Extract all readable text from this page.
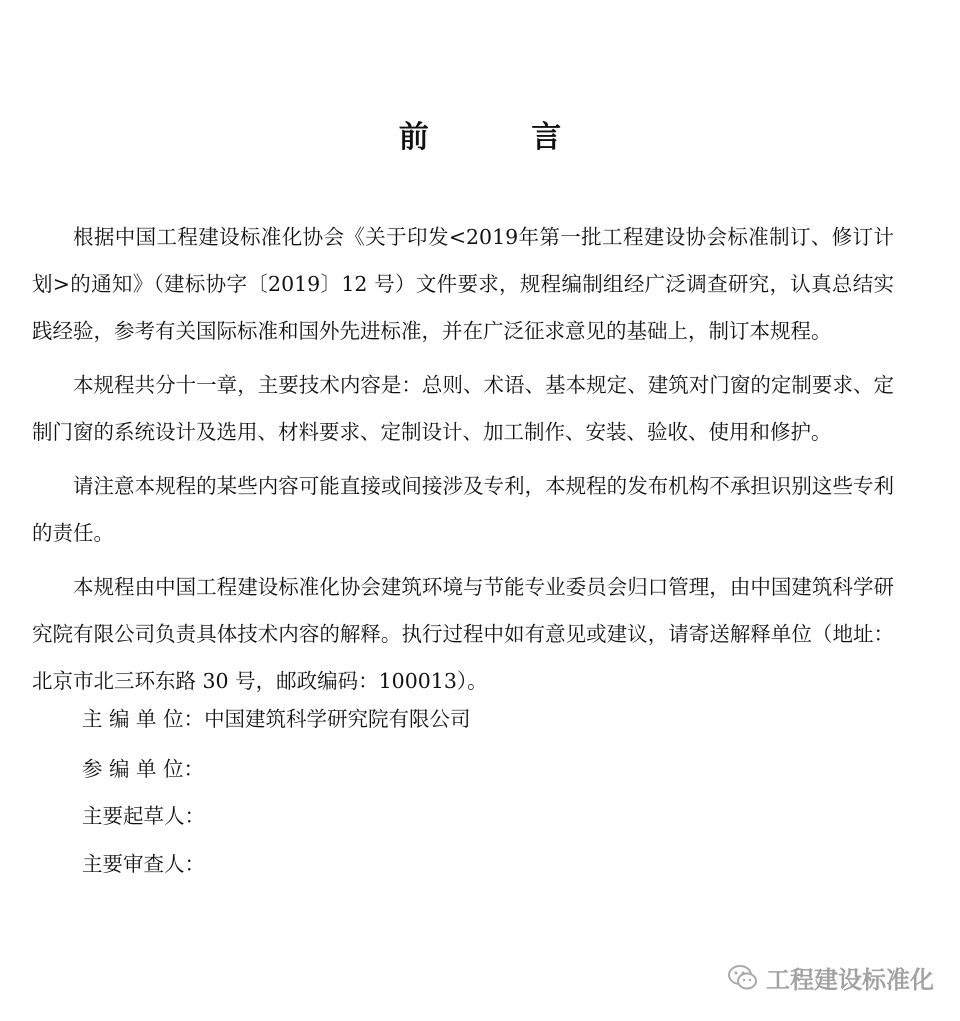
前 言

根据中国工程建设标准化协会《关于印发<2019年第一批工程建设协会标准制订、修订计划>的通知》（建标协字〔2019〕12 号）文件要求，规程编制组经广泛调查研究，认真总结实践经验，参考有关国际标准和国外先进标准，并在广泛征求意见的基础上，制订本规程。

本规程共分十一章，主要技术内容是：总则、术语、基本规定、建筑对门窗的定制要求、定制门窗的系统设计及选用、材料要求、定制设计、加工制作、安装、验收、使用和修护。

请注意本规程的某些内容可能直接或间接涉及专利，本规程的发布机构不承担识别这些专利的责任。

本规程由中国工程建设标准化协会建筑环境与节能专业委员会归口管理，由中国建筑科学研究院有限公司负责具体技术内容的解释。执行过程中如有意见或建议，请寄送解释单位（地址：北京市北三环东路 30 号，邮政编码：100013）。

主 编 单 位：中国建筑科学研究院有限公司
参 编 单 位：
主要起草人：
主要审查人：
工程建设标准化
